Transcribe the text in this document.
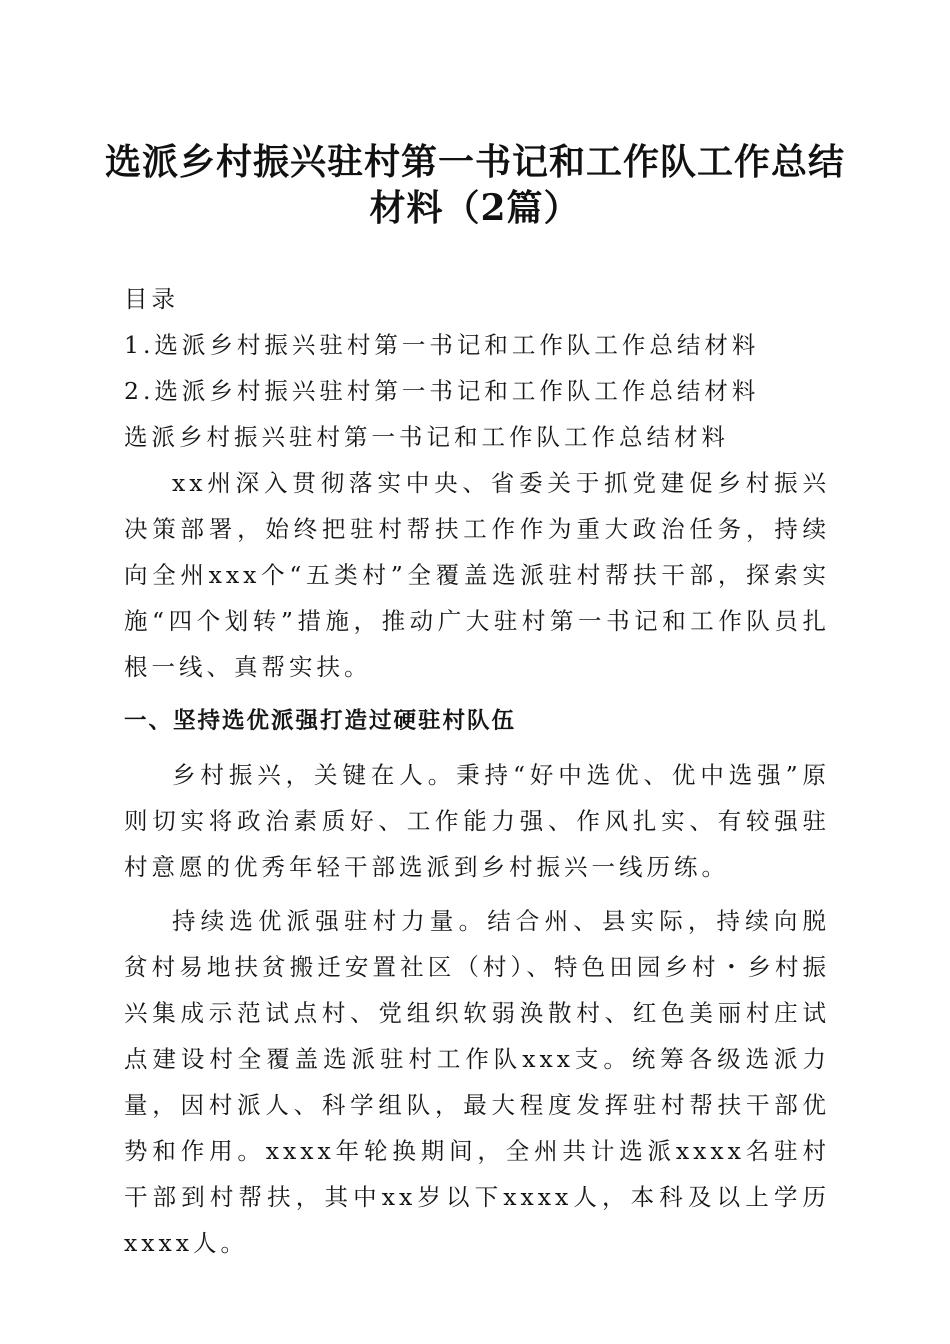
选派乡村振兴驻村第一书记和工作队工作总结
材料（2篇）

目录

1.选派乡村振兴驻村第一书记和工作队工作总结材料

2.选派乡村振兴驻村第一书记和工作队工作总结材料

选派乡村振兴驻村第一书记和工作队工作总结材料

xx州深入贯彻落实中央、省委关于抓党建促乡村振兴决策部署，始终把驻村帮扶工作作为重大政治任务，持续向全州xxx个“五类村”全覆盖选派驻村帮扶干部，探索实施“四个划转”措施，推动广大驻村第一书记和工作队员扎根一线、真帮实扶。

一、坚持选优派强打造过硬驻村队伍

乡村振兴，关键在人。秉持“好中选优、优中选强”原则切实将政治素质好、工作能力强、作风扎实、有较强驻村意愿的优秀年轻干部选派到乡村振兴一线历练。

持续选优派强驻村力量。结合州、县实际，持续向脱贫村易地扶贫搬迁安置社区（村）、特色田园乡村・乡村振兴集成示范试点村、党组织软弱涣散村、红色美丽村庄试点建设村全覆盖选派驻村工作队xxx支。统筹各级选派力量，因村派人、科学组队，最大程度发挥驻村帮扶干部优势和作用。xxxx年轮换期间，全州共计选派xxxx名驻村干部到村帮扶，其中xx岁以下xxxx人，本科及以上学历xxxx人。
